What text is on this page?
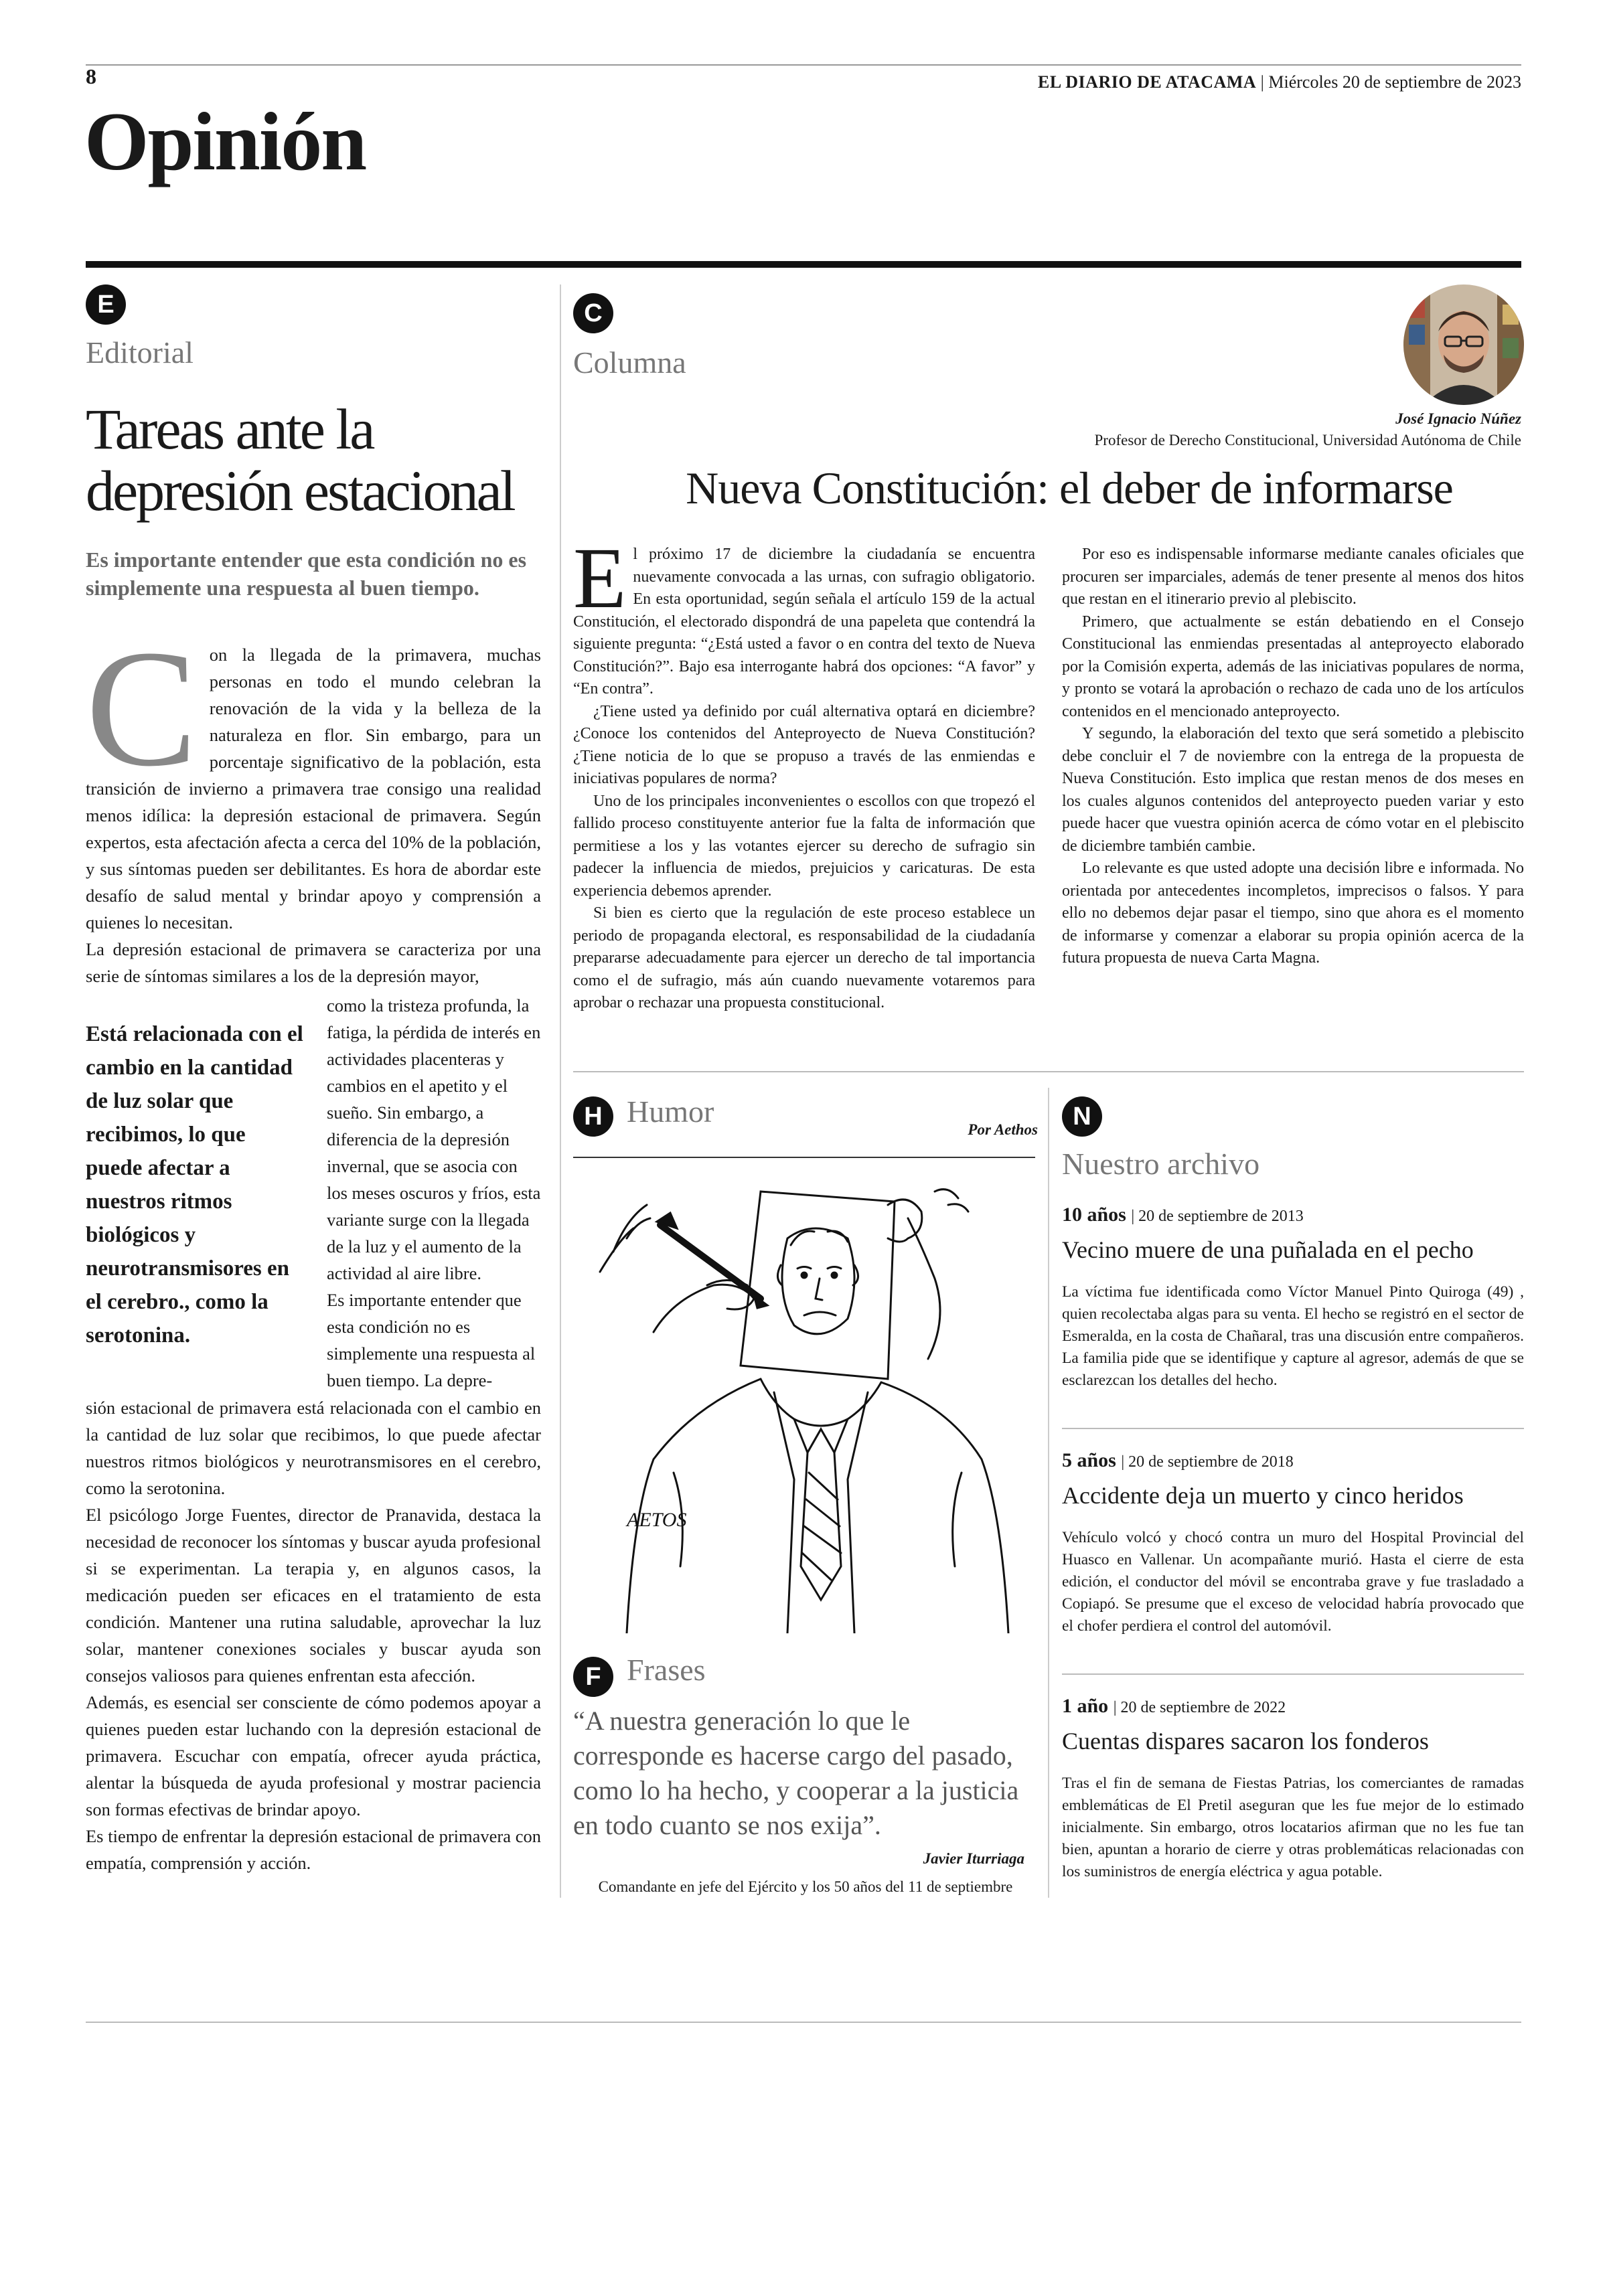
8	EL DIARIO DE ATACAMA | Miércoles 20 de septiembre de 2023
Opinión
E
Editorial
Tareas ante la
depresión estacional
Es importante entender que esta condición no es simplemente una respuesta al buen tiempo.

Con la llegada de la primavera, muchas personas en todo el mundo celebran la renovación de la vida y la belleza de la naturaleza en flor. Sin embargo, para un porcentaje significativo de la población, esta transición de invierno a primavera trae consigo una realidad menos idílica: la depresión estacional de primavera. Según expertos, esta afectación afecta a cerca del 10% de la población, y sus síntomas pueden ser debilitantes. Es hora de abordar este desafío de salud mental y brindar apoyo y comprensión a quienes lo necesitan.

La depresión estacional de primavera se caracteriza por una serie de síntomas similares a los de la depresión mayor,

Está relacionada con el cambio en la cantidad de luz solar que recibimos, lo que puede afectar a nuestros ritmos biológicos y neurotransmisores en el cerebro., como la serotonina.

como la tristeza profunda, la fatiga, la pérdida de interés en actividades placenteras y cambios en el apetito y el sueño. Sin embargo, a diferencia de la depresión invernal, que se asocia con los meses oscuros y fríos, esta variante surge con la llegada de la luz y el aumento de la actividad al aire libre.

Es importante entender que esta condición no es simplemente una respuesta al buen tiempo. La depre-

sión estacional de primavera está relacionada con el cambio en la cantidad de luz solar que recibimos, lo que puede afectar nuestros ritmos biológicos y neurotransmisores en el cerebro, como la serotonina.

El psicólogo Jorge Fuentes, director de Pranavida, destaca la necesidad de reconocer los síntomas y buscar ayuda profesional si se experimentan. La terapia y, en algunos casos, la medicación pueden ser eficaces en el tratamiento de esta condición. Mantener una rutina saludable, aprovechar la luz solar, mantener conexiones sociales y buscar ayuda son consejos valiosos para quienes enfrentan esta afección.

Además, es esencial ser consciente de cómo podemos apoyar a quienes pueden estar luchando con la depresión estacional de primavera. Escuchar con empatía, ofrecer ayuda práctica, alentar la búsqueda de ayuda profesional y mostrar paciencia son formas efectivas de brindar apoyo.

Es tiempo de enfrentar la depresión estacional de primavera con empatía, comprensión y acción.

C
Columna
José Ignacio Núñez
Profesor de Derecho Constitucional, Universidad Autónoma de Chile
Nueva Constitución: el deber de informarse

El próximo 17 de diciembre la ciudadanía se encuentra nuevamente convocada a las urnas, con sufragio obligatorio. En esta oportunidad, según señala el artículo 159 de la actual Constitución, el electorado dispondrá de una papeleta que contendrá la siguiente pregunta: “¿Está usted a favor o en contra del texto de Nueva Constitución?”. Bajo esa interrogante habrá dos opciones: “A favor” y “En contra”.

¿Tiene usted ya definido por cuál alternativa optará en diciembre? ¿Conoce los contenidos del Anteproyecto de Nueva Constitución? ¿Tiene noticia de lo que se propuso a través de las enmiendas e iniciativas populares de norma?

Uno de los principales inconvenientes o escollos con que tropezó el fallido proceso constituyente anterior fue la falta de información que permitiese a los y las votantes ejercer su derecho de sufragio sin padecer la influencia de miedos, prejuicios y caricaturas. De esta experiencia debemos aprender.

Si bien es cierto que la regulación de este proceso establece un periodo de propaganda electoral, es responsabilidad de la ciudadanía prepararse adecuadamente para ejercer un derecho de tal importancia como el de sufragio, más aún cuando nuevamente votaremos para aprobar o rechazar una propuesta constitucional.

Por eso es indispensable informarse mediante canales oficiales que procuren ser imparciales, además de tener presente al menos dos hitos que restan en el itinerario previo al plebiscito.

Primero, que actualmente se están debatiendo en el Consejo Constitucional las enmiendas presentadas al anteproyecto elaborado por la Comisión experta, además de las iniciativas populares de norma, y pronto se votará la aprobación o rechazo de cada uno de los artículos contenidos en el mencionado anteproyecto.

Y segundo, la elaboración del texto que será sometido a plebiscito debe concluir el 7 de noviembre con la entrega de la propuesta de Nueva Constitución. Esto implica que restan menos de dos meses en los cuales algunos contenidos del anteproyecto pueden variar y esto puede hacer que vuestra opinión acerca de cómo votar en el plebiscito de diciembre también cambie.

Lo relevante es que usted adopte una decisión libre e informada. No orientada por antecedentes incompletos, imprecisos o falsos. Y para ello no debemos dejar pasar el tiempo, sino que ahora es el momento de informarse y comenzar a elaborar su propia opinión acerca de la futura propuesta de nueva Carta Magna.

H Humor
Por Aethos
AETOS
F Frases
“A nuestra generación lo que le corresponde es hacerse cargo del pasado, como lo ha hecho, y cooperar a la justicia en todo cuanto se nos exija”.
Javier Iturriaga
Comandante en jefe del Ejército y los 50 años del 11 de septiembre
N
Nuestro archivo
10 años | 20 de septiembre de 2013
Vecino muere de una puñalada en el pecho
La víctima fue identificada como Víctor Manuel Pinto Quiroga (49) , quien recolectaba algas para su venta. El hecho se registró en el sector de Esmeralda, en la costa de Chañaral, tras una discusión entre compañeros. La familia pide que se identifique y capture al agresor, además de que se esclarezcan los detalles del hecho.
5 años | 20 de septiembre de 2018
Accidente deja un muerto y cinco heridos
Vehículo volcó y chocó contra un muro del Hospital Provincial del Huasco en Vallenar. Un acompañante murió. Hasta el cierre de esta edición, el conductor del móvil se encontraba grave y fue trasladado a Copiapó. Se presume que el exceso de velocidad habría provocado que el chofer perdiera el control del automóvil.
1 año | 20 de septiembre de 2022
Cuentas dispares sacaron los fonderos
Tras el fin de semana de Fiestas Patrias, los comerciantes de ramadas emblemáticas de El Pretil aseguran que les fue mejor de lo estimado inicialmente. Sin embargo, otros locatarios afirman que no les fue tan bien, apuntan a horario de cierre y otras problemáticas relacionadas con los suministros de energía eléctrica y agua potable.
